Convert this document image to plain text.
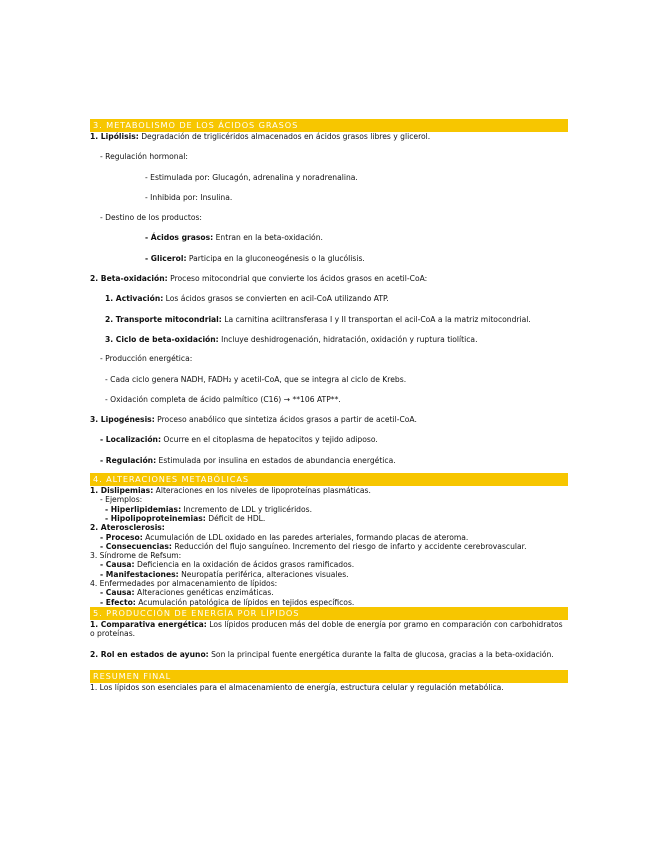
3. METABOLISMO DE LOS ÁCIDOS GRASOS
1. Lipólisis: Degradación de triglicéridos almacenados en ácidos grasos libres y glicerol.
- Regulación hormonal:
- Estimulada por: Glucagón, adrenalina y noradrenalina.
- Inhibida por: Insulina.
- Destino de los productos:
- Ácidos grasos: Entran en la beta-oxidación.
- Glicerol: Participa en la gluconeogénesis o la glucólisis.
2. Beta-oxidación: Proceso mitocondrial que convierte los ácidos grasos en acetil-CoA:
1. Activación: Los ácidos grasos se convierten en acil-CoA utilizando ATP.
2. Transporte mitocondrial: La carnitina aciltransferasa I y II transportan el acil-CoA a la matriz mitocondrial.
3. Ciclo de beta-oxidación: Incluye deshidrogenación, hidratación, oxidación y ruptura tiolítica.
- Producción energética:
- Cada ciclo genera NADH, FADH₂ y acetil-CoA, que se integra al ciclo de Krebs.
- Oxidación completa de ácido palmítico (C16) → **106 ATP**.
3. Lipogénesis: Proceso anabólico que sintetiza ácidos grasos a partir de acetil-CoA.
- Localización: Ocurre en el citoplasma de hepatocitos y tejido adiposo.
- Regulación: Estimulada por insulina en estados de abundancia energética.
4. ALTERACIONES METABÓLICAS
1. Dislipemias: Alteraciones en los niveles de lipoproteínas plasmáticas.
- Ejemplos:
- Hiperlipidemias: Incremento de LDL y triglicéridos.
- Hipolipoproteinemias: Déficit de HDL.
2. Aterosclerosis:
- Proceso: Acumulación de LDL oxidado en las paredes arteriales, formando placas de ateroma.
- Consecuencias: Reducción del flujo sanguíneo. Incremento del riesgo de infarto y accidente cerebrovascular.
3. Síndrome de Refsum:
- Causa: Deficiencia en la oxidación de ácidos grasos ramificados.
- Manifestaciones: Neuropatía periférica, alteraciones visuales.
4. Enfermedades por almacenamiento de lípidos:
- Causa: Alteraciones genéticas enzimáticas.
- Efecto: Acumulación patológica de lípidos en tejidos específicos.
5. PRODUCCIÓN DE ENERGÍA POR LÍPIDOS
1. Comparativa energética: Los lípidos producen más del doble de energía por gramo en comparación con carbohidratos o proteínas.
2. Rol en estados de ayuno: Son la principal fuente energética durante la falta de glucosa, gracias a la beta-oxidación.
RESUMEN FINAL
1. Los lípidos son esenciales para el almacenamiento de energía, estructura celular y regulación metabólica.
